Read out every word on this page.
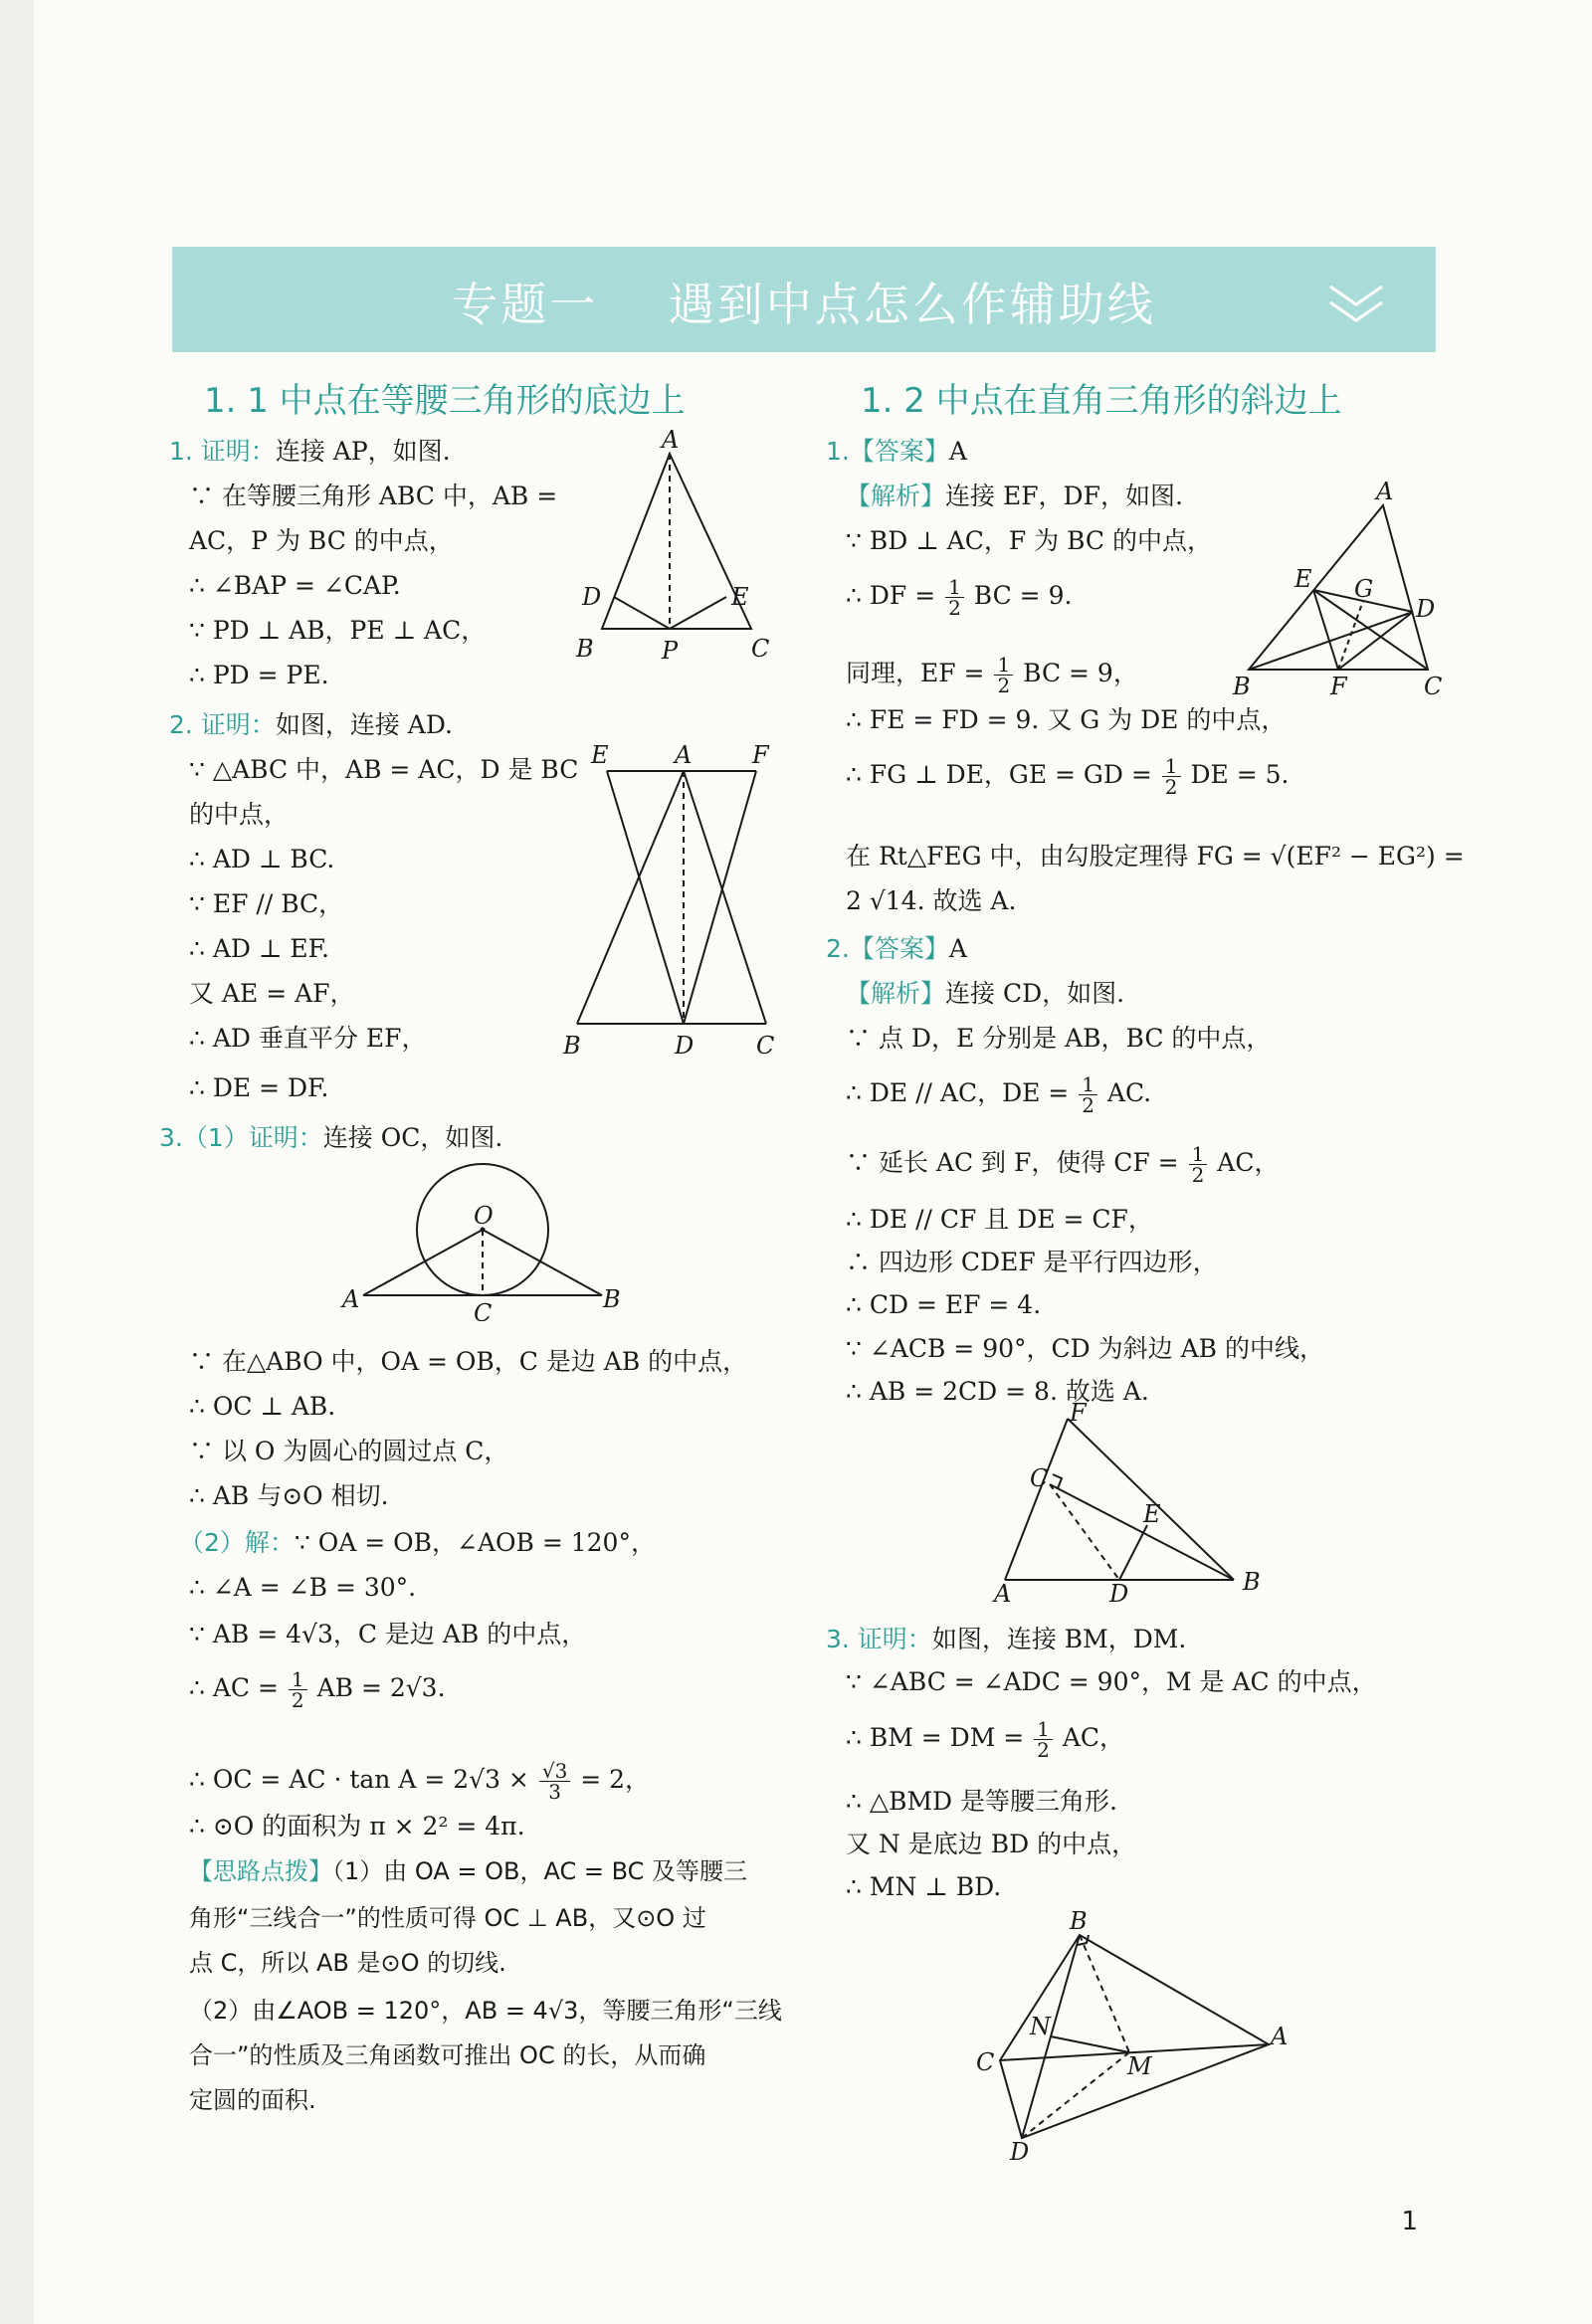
专题一    遇到中点怎么作辅助线
1. 1 中点在等腰三角形的底边上
1. 证明：连接 AP，如图.
∵ 在等腰三角形 ABC 中，AB =
AC，P 为 BC 的中点，
∴ ∠BAP = ∠CAP.
∵ PD ⊥ AB，PE ⊥ AC，
∴ PD = PE.
2. 证明：如图，连接 AD.
∵ △ABC 中，AB = AC，D 是 BC
的中点，
∴ AD ⊥ BC.
∵ EF // BC，
∴ AD ⊥ EF.
又 AE = AF，
∴ AD 垂直平分 EF，
∴ DE = DF.
3.（1）证明：连接 OC，如图.
∵ 在△ABO 中，OA = OB，C 是边 AB 的中点，
∴ OC ⊥ AB.
∵ 以 O 为圆心的圆过点 C，
∴ AB 与⊙O 相切.
（2）解：∵ OA = OB，∠AOB = 120°，
∴ ∠A = ∠B = 30°.
∵ AB = 4√3，C 是边 AB 的中点，
∴ AC = $\frac{1}{2}$ AB = 2√3.
∴ OC = AC · $\tan A = 2√3 \times \frac{√3}{3} = 2$，
∴ ⊙O 的面积为 π × 2² = 4π.
【思路点拨】（1）由 OA = OB，AC = BC 及等腰三
角形“三线合一”的性质可得 OC ⊥ AB，又⊙O 过
点 C，所以 AB 是⊙O 的切线.
（2）由∠AOB = 120°，AB = 4√3，等腰三角形“三线
合一”的性质及三角函数可推出 OC 的长，从而确
定圆的面积.
1. 2 中点在直角三角形的斜边上
1.【答案】A
【解析】连接 EF，DF，如图.
∵ BD ⊥ AC，F 为 BC 的中点，
∴ DF = $\frac{1}{2}$ BC = 9.
同理，EF = $\frac{1}{2}$ BC = 9，
∴ FE = FD = 9. 又 G 为 DE 的中点，
∴ FG ⊥ DE，GE = GD = $\frac{1}{2}$ DE = 5.
在 Rt△FEG 中，由勾股定理得 FG = √(EF² − EG²) =
2 √14. 故选 A.
2.【答案】A
【解析】连接 CD，如图.
∵ 点 D，E 分别是 AB，BC 的中点，
∴ DE // AC，DE = $\frac{1}{2}$ AC.
∵ 延长 AC 到 F，使得 CF = $\frac{1}{2}$ AC，
∴ DE // CF 且 DE = CF，
∴ 四边形 CDEF 是平行四边形，
∴ CD = EF = 4.
∵ ∠ACB = 90°，CD 为斜边 AB 的中线，
∴ AB = 2CD = 8. 故选 A.
3. 证明：如图，连接 BM，DM.
∵ ∠ABC = ∠ADC = 90°，M 是 AC 的中点，
∴ BM = DM = $\frac{1}{2}$ AC，
∴ △BMD 是等腰三角形.
又 N 是底边 BD 的中点，
∴ MN ⊥ BD.
A
D	E
B	P	C
E	A	F
B	D	C
O
A	C	B
A
E G
D
B	F	C
F
C
E
A	D	B
B
N
C	M
A
D
1
